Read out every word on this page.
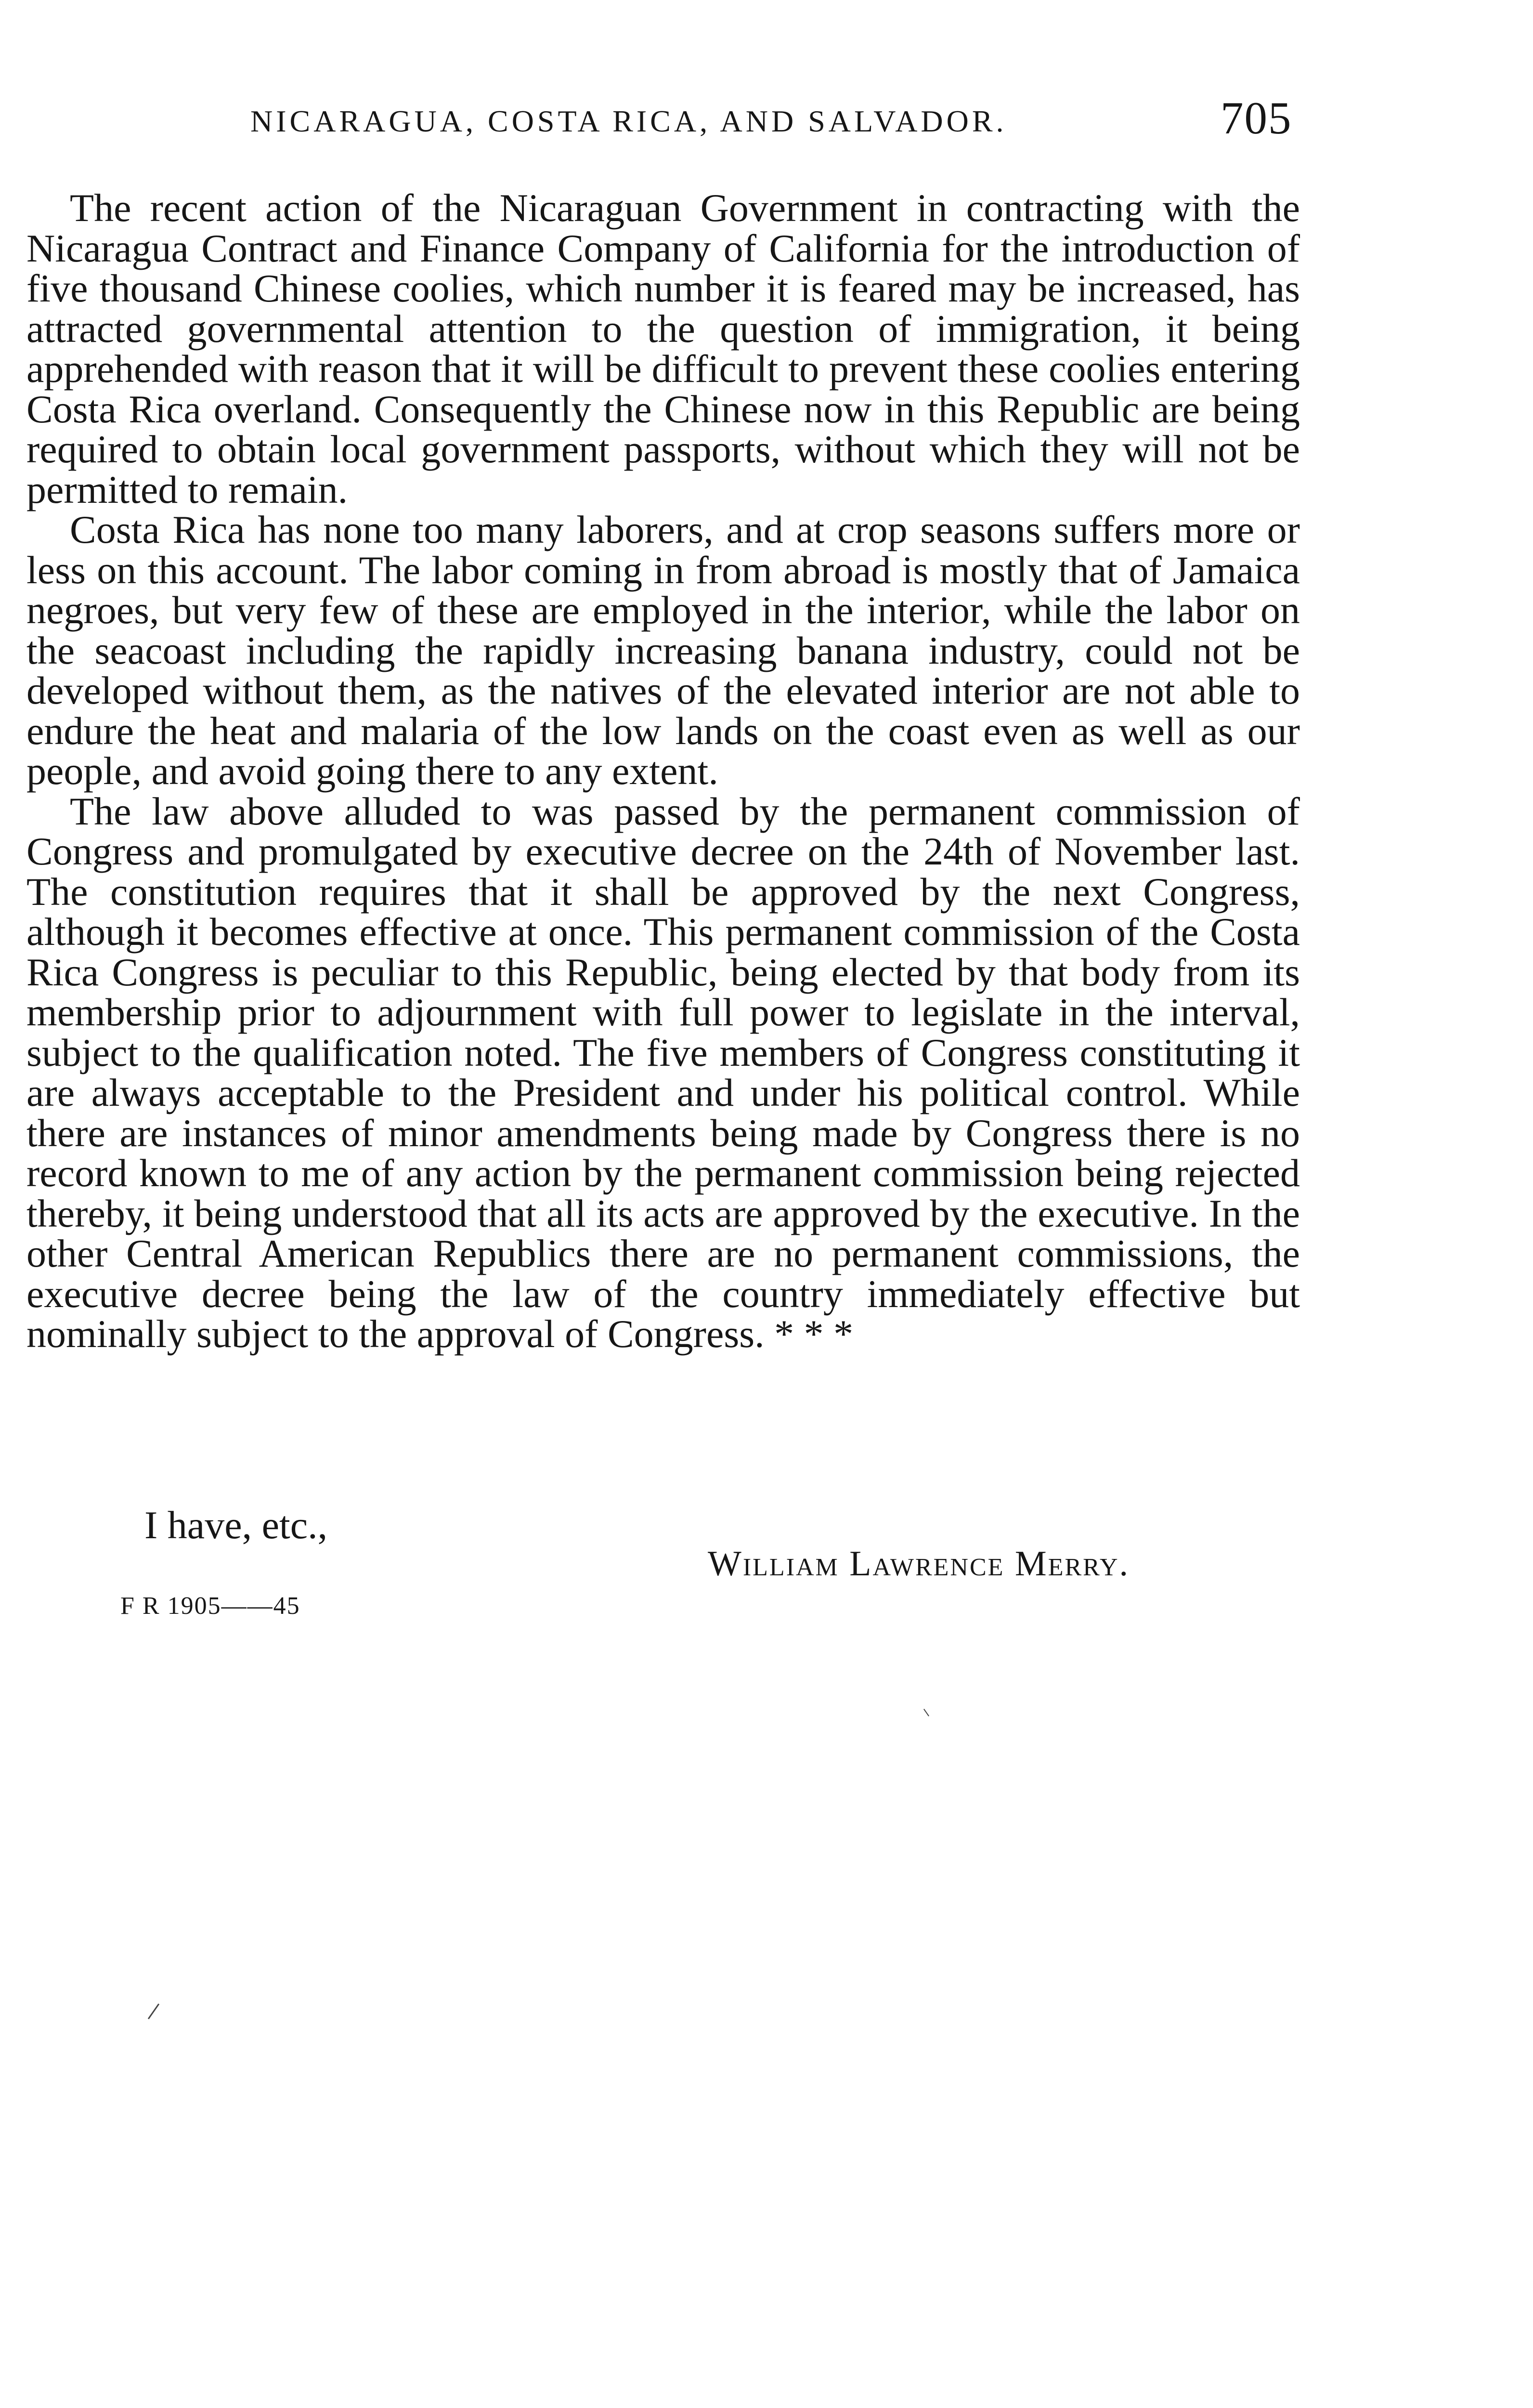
NICARAGUA, COSTA RICA, AND SALVADOR.	705

The recent action of the Nicaraguan Government in contracting with the Nicaragua Contract and Finance Company of California for the introduction of five thousand Chinese coolies, which number it is feared may be increased, has attracted governmental attention to the question of immigration, it being apprehended with reason that it will be difficult to prevent these coolies entering Costa Rica overland. Consequently the Chinese now in this Republic are being required to obtain local government passports, without which they will not be permitted to remain.

Costa Rica has none too many laborers, and at crop seasons suffers more or less on this account. The labor coming in from abroad is mostly that of Jamaica negroes, but very few of these are employed in the interior, while the labor on the seacoast including the rapidly increasing banana industry, could not be developed without them, as the natives of the elevated interior are not able to endure the heat and malaria of the low lands on the coast even as well as our people, and avoid going there to any extent.

The law above alluded to was passed by the permanent commission of Congress and promulgated by executive decree on the 24th of November last. The constitution requires that it shall be approved by the next Congress, although it becomes effective at once. This permanent commission of the Costa Rica Congress is peculiar to this Republic, being elected by that body from its membership prior to adjournment with full power to legislate in the interval, subject to the qualification noted. The five members of Congress constituting it are always acceptable to the President and under his political control. While there are instances of minor amendments being made by Congress there is no record known to me of any action by the permanent commission being rejected thereby, it being understood that all its acts are approved by the executive. In the other Central American Republics there are no permanent commissions, the executive decree being the law of the country immediately effective but nominally subject to the approval of Congress. * * *

I have, etc.,
William Lawrence Merry.
F R 1905——45
